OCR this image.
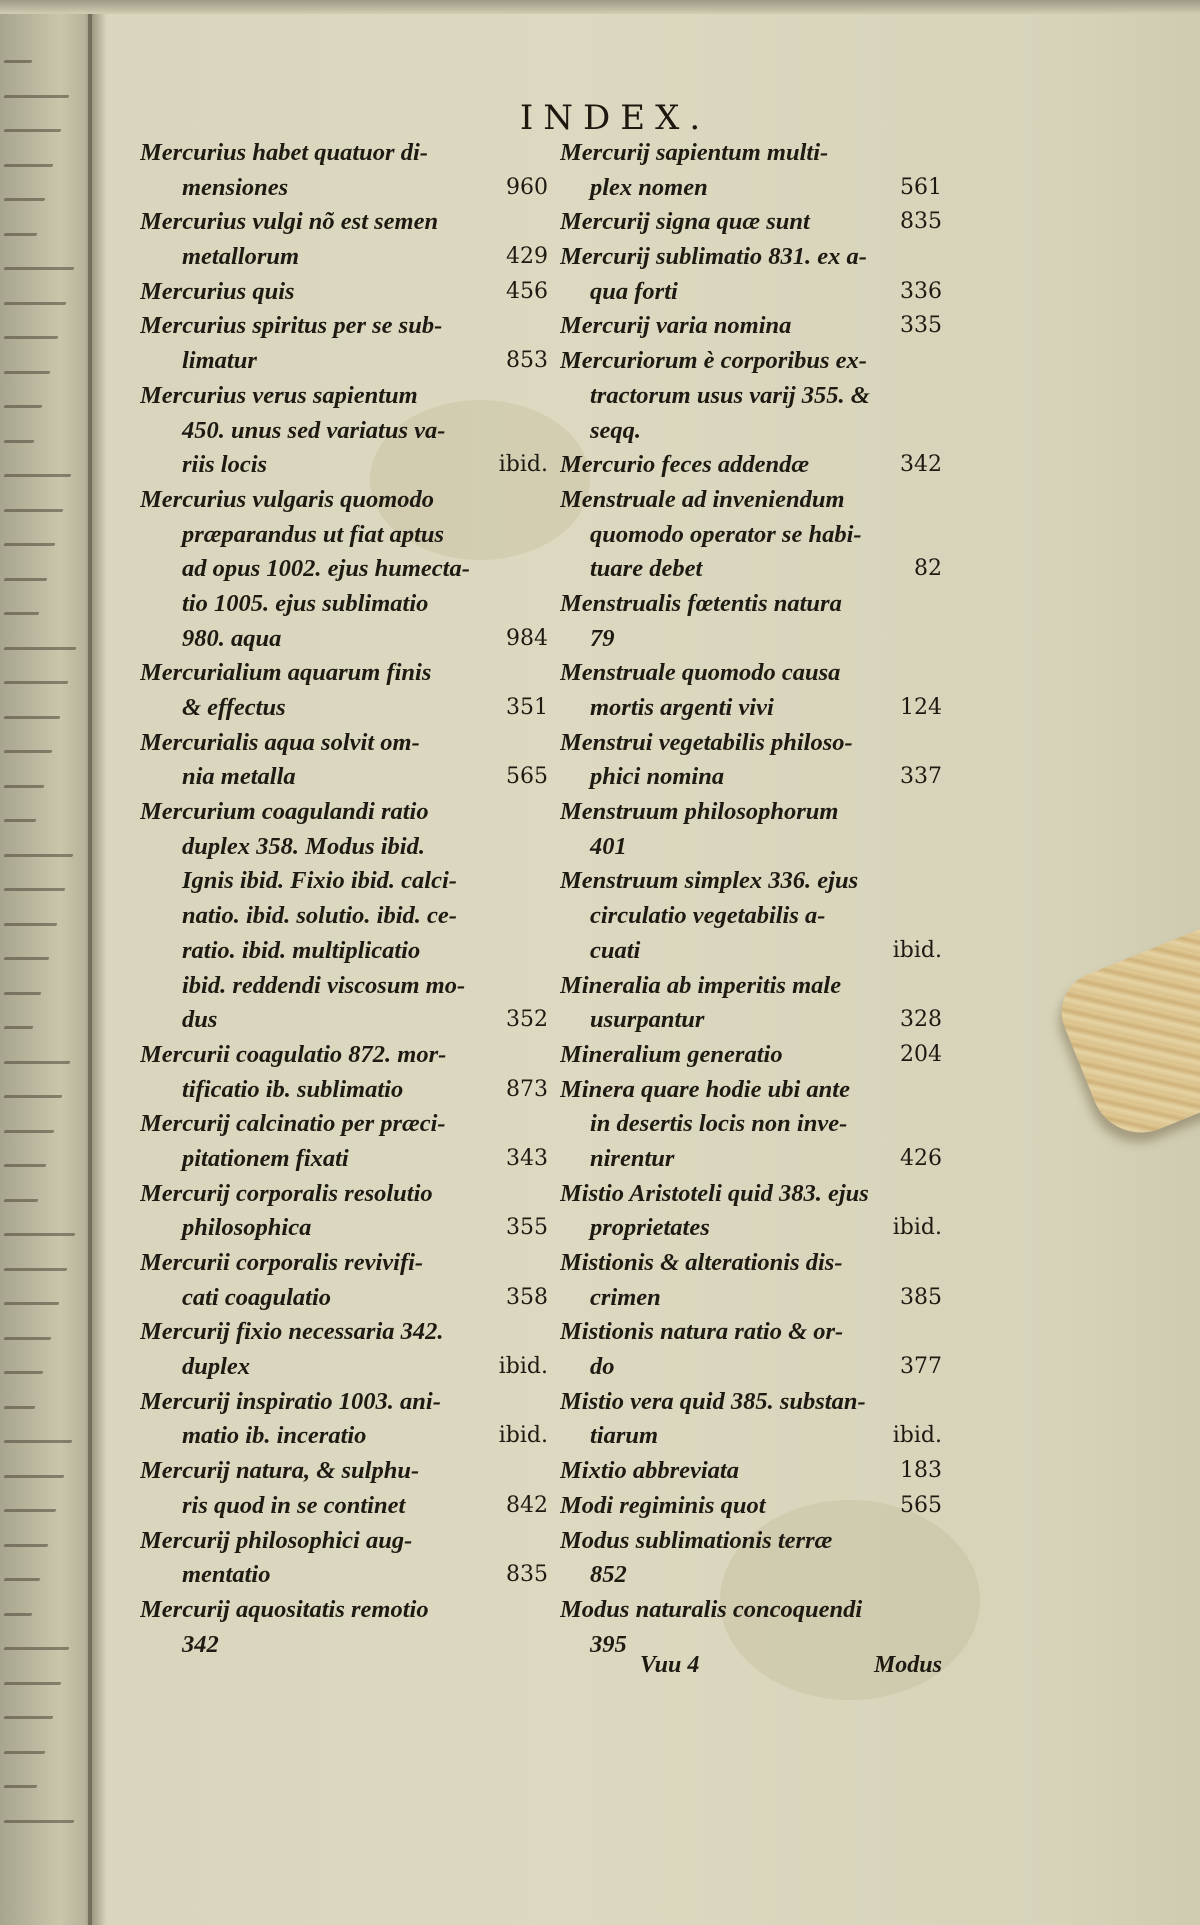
INDEX.
Mercurius habet quatuor di-
960
mensiones
Mercurius vulgi nõ est semen
429
metallorum
456
Mercurius quis
Mercurius spiritus per se sub-
853
limatur
Mercurius verus sapientum
450. unus sed variatus va-
ibid.
riis locis
Mercurius vulgaris quomodo
præparandus ut fiat aptus
ad opus 1002. ejus humecta-
tio 1005. ejus sublimatio
984
980. aqua
Mercurialium aquarum finis
351
& effectus
Mercurialis aqua solvit om-
565
nia metalla
Mercurium coagulandi ratio
duplex 358. Modus ibid.
Ignis ibid. Fixio ibid. calci-
natio. ibid. solutio. ibid. ce-
ratio. ibid. multiplicatio
ibid. reddendi viscosum mo-
352
dus
Mercurii coagulatio 872. mor-
873
tificatio ib. sublimatio
Mercurij calcinatio per præci-
343
pitationem fixati
Mercurij corporalis resolutio
355
philosophica
Mercurii corporalis revivifi-
358
cati coagulatio
Mercurij fixio necessaria 342.
ibid.
duplex
Mercurij inspiratio 1003. ani-
ibid.
matio ib. inceratio
Mercurij natura, & sulphu-
842
ris quod in se continet
Mercurij philosophici aug-
835
mentatio
Mercurij aquositatis remotio
342
Mercurij sapientum multi-
561
plex nomen
835
Mercurij signa quæ sunt
Mercurij sublimatio 831. ex a-
336
qua forti
335
Mercurij varia nomina
Mercuriorum è corporibus ex-
tractorum usus varij 355. &
seqq.
342
Mercurio feces addendæ
Menstruale ad inveniendum
quomodo operator se habi-
82
tuare debet
Menstrualis fœtentis natura
79
Menstruale quomodo causa
124
mortis argenti vivi
Menstrui vegetabilis philoso-
337
phici nomina
Menstruum philosophorum
401
Menstruum simplex 336. ejus
circulatio vegetabilis a-
ibid.
cuati
Mineralia ab imperitis male
328
usurpantur
204
Mineralium generatio
Minera quare hodie ubi ante
in desertis locis non inve-
426
nirentur
Mistio Aristoteli quid 383. ejus
ibid.
proprietates
Mistionis & alterationis dis-
385
crimen
Mistionis natura ratio & or-
377
do
Mistio vera quid 385. substan-
ibid.
tiarum
183
Mixtio abbreviata
565
Modi regiminis quot
Modus sublimationis terræ
852
Modus naturalis concoquendi
395
Vuu 4	Modus
